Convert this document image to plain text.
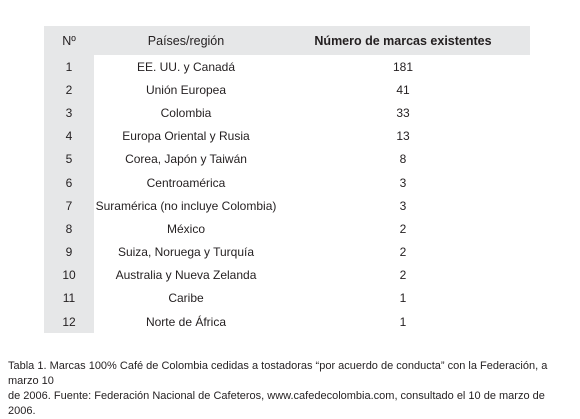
Nº	Países/región	Número de marcas existentes
1	EE. UU. y Canadá	181
2	Unión Europea	41
3	Colombia	33
4	Europa Oriental y Rusia	13
5	Corea, Japón y Taiwán	8
6	Centroamérica	3
7	Suramérica (no incluye Colombia)	3
8	México	2
9	Suiza, Noruega y Turquía	2
10	Australia y Nueva Zelanda	2
11	Caribe	1
12	Norte de África	1
Tabla 1. Marcas 100% Café de Colombia cedidas a tostadoras “por acuerdo de conducta” con la Federación, a marzo 10
de 2006. Fuente: Federación Nacional de Cafeteros, www.cafedecolombia.com, consultado el 10 de marzo de 2006.
